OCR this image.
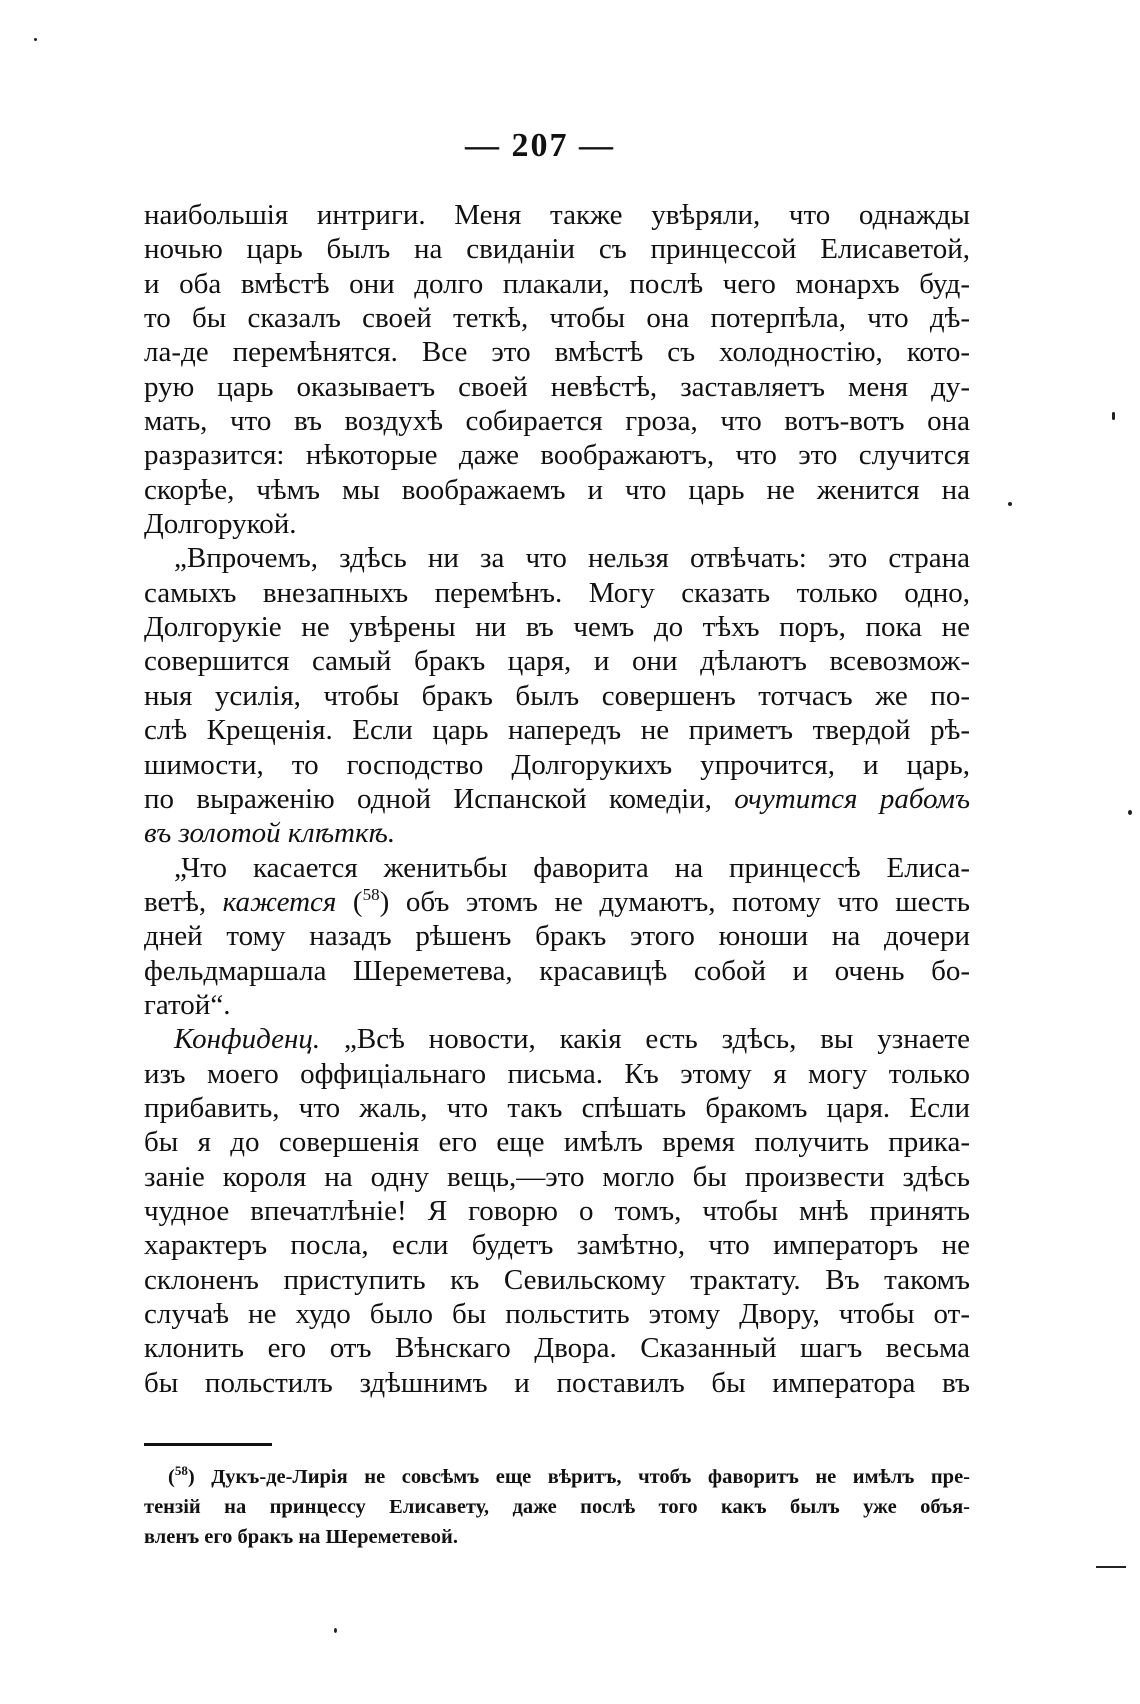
— 207 —
наибольшія интриги. Меня также увѣряли, что однажды
ночью царь былъ на свиданіи съ принцессой Елисаветой,
и оба вмѣстѣ они долго плакали, послѣ чего монархъ буд-
то бы сказалъ своей теткѣ, чтобы она потерпѣла, что дѣ-
ла-де перемѣнятся. Все это вмѣстѣ съ холодностію, кото-
рую царь оказываетъ своей невѣстѣ, заставляетъ меня ду-
мать, что въ воздухѣ собирается гроза, что вотъ-вотъ она
разразится: нѣкоторые даже воображаютъ, что это случится
скорѣе, чѣмъ мы воображаемъ и что царь не женится на
Долгорукой.
„Впрочемъ, здѣсь ни за что нельзя отвѣчать: это страна
самыхъ внезапныхъ перемѣнъ. Могу сказать только одно,
Долгорукіе не увѣрены ни въ чемъ до тѣхъ поръ, пока не
совершится самый бракъ царя, и они дѣлаютъ всевозмож-
ныя усилія, чтобы бракъ былъ совершенъ тотчасъ же по-
слѣ Крещенія. Если царь напередъ не приметъ твердой рѣ-
шимости, то господство Долгорукихъ упрочится, и царь,
по выраженію одной Испанской комедіи, очутится рабомъ
въ золотой клѣткѣ.
„Что касается женитьбы фаворита на принцессѣ Елиса-
ветѣ, кажется ($^{58}$) объ этомъ не думаютъ, потому что шесть
дней тому назадъ рѣшенъ бракъ этого юноши на дочери
фельдмаршала Шереметева, красавицѣ собой и очень бо-
гатой“.
Конфиденц. „Всѣ новости, какія есть здѣсь, вы узнаете
изъ моего оффиціальнаго письма. Къ этому я могу только
прибавить, что жаль, что такъ спѣшать бракомъ царя. Если
бы я до совершенія его еще имѣлъ время получить прика-
заніе короля на одну вещь,—это могло бы произвести здѣсь
чудное впечатлѣніе! Я говорю о томъ, чтобы мнѣ принять
характеръ посла, если будетъ замѣтно, что императоръ не
склоненъ приступить къ Севильскому трактату. Въ такомъ
случаѣ не худо было бы польстить этому Двору, чтобы от-
клонить его отъ Вѣнскаго Двора. Сказанный шагъ весьма
бы польстилъ здѣшнимъ и поставилъ бы императора въ
($^{58}$) Дукъ-де-Лирія не совсѣмъ еще вѣритъ, чтобъ фаворитъ не имѣлъ пре-
тензій на принцессу Елисавету, даже послѣ того какъ былъ уже объя-
вленъ его бракъ на Шереметевой.
